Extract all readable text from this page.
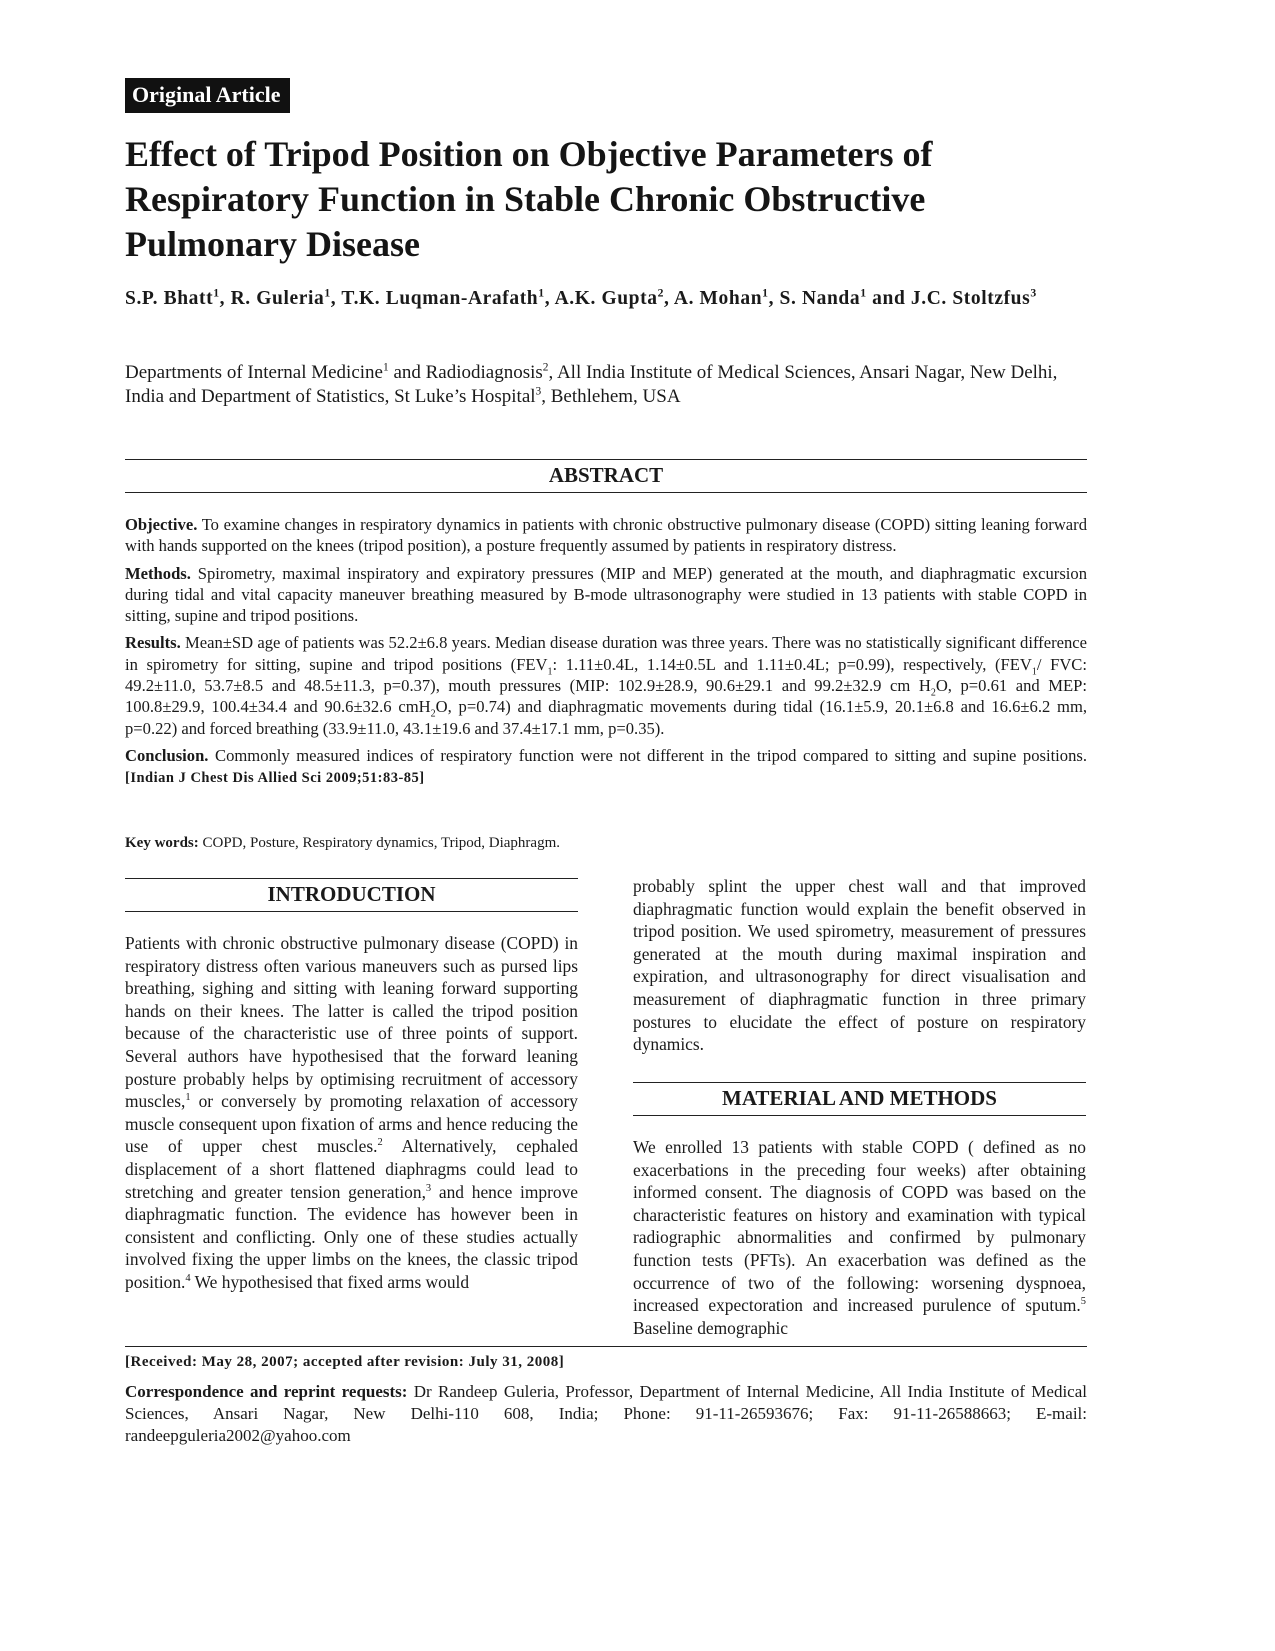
Original Article
Effect of Tripod Position on Objective Parameters of Respiratory Function in Stable Chronic Obstructive Pulmonary Disease
S.P. Bhatt$^1$, R. Guleria$^1$, T.K. Luqman-Arafath$^1$, A.K. Gupta$^2$, A. Mohan$^1$, S. Nanda$^1$ and J.C. Stoltzfus$^3$
Departments of Internal Medicine$^1$ and Radiodiagnosis$^2$, All India Institute of Medical Sciences, Ansari Nagar, New Delhi, India and Department of Statistics, St Luke’s Hospital$^3$, Bethlehem, USA
ABSTRACT

Objective. To examine changes in respiratory dynamics in patients with chronic obstructive pulmonary disease (COPD) sitting leaning forward with hands supported on the knees (tripod position), a posture frequently assumed by patients in respiratory distress.

Methods. Spirometry, maximal inspiratory and expiratory pressures (MIP and MEP) generated at the mouth, and diaphragmatic excursion during tidal and vital capacity maneuver breathing measured by B-mode ultrasonography were studied in 13 patients with stable COPD in sitting, supine and tripod positions.

Results. Mean±SD age of patients was 52.2±6.8 years. Median disease duration was three years. There was no statistically significant difference in spirometry for sitting, supine and tripod positions ($FEV_1$: 1.11±0.4L, 1.14±0.5L and 1.11±0.4L; p=0.99), respectively, ($FEV_1/$ FVC: 49.2±11.0, 53.7±8.5 and 48.5±11.3, p=0.37), mouth pressures (MIP: 102.9±28.9, 90.6±29.1 and 99.2±32.9 cm $H_2O$, p=0.61 and MEP: 100.8±29.9, 100.4±34.4 and 90.6±32.6 cmH$_2$O, p=0.74) and diaphragmatic movements during tidal (16.1±5.9, 20.1±6.8 and 16.6±6.2 mm, p=0.22) and forced breathing (33.9±11.0, 43.1±19.6 and 37.4±17.1 mm, p=0.35).

Conclusion. Commonly measured indices of respiratory function were not different in the tripod compared to sitting and supine positions. [Indian J Chest Dis Allied Sci 2009;51:83-85]

Key words: COPD, Posture, Respiratory dynamics, Tripod, Diaphragm.
INTRODUCTION

Patients with chronic obstructive pulmonary disease (COPD) in respiratory distress often various maneuvers such as pursed lips breathing, sighing and sitting with leaning forward supporting hands on their knees. The latter is called the tripod position because of the characteristic use of three points of support. Several authors have hypothesised that the forward leaning posture probably helps by optimising recruitment of accessory muscles,$^1$ or conversely by promoting relaxation of accessory muscle consequent upon fixation of arms and hence reducing the use of upper chest muscles.$^2$ Alternatively, cephaled displacement of a short flattened diaphragms could lead to stretching and greater tension generation,$^3$ and hence improve diaphragmatic function. The evidence has however been in consistent and conflicting. Only one of these studies actually involved fixing the upper limbs on the knees, the classic tripod position.$^4$ We hypothesised that fixed arms would

probably splint the upper chest wall and that improved diaphragmatic function would explain the benefit observed in tripod position. We used spirometry, measurement of pressures generated at the mouth during maximal inspiration and expiration, and ultrasonography for direct visualisation and measurement of diaphragmatic function in three primary postures to elucidate the effect of posture on respiratory dynamics.

MATERIAL AND METHODS

We enrolled 13 patients with stable COPD ( defined as no exacerbations in the preceding four weeks) after obtaining informed consent. The diagnosis of COPD was based on the characteristic features on history and examination with typical radiographic abnormalities and confirmed by pulmonary function tests (PFTs). An exacerbation was defined as the occurrence of two of the following: worsening dyspnoea, increased expectoration and increased purulence of sputum.$^5$ Baseline demographic

[Received: May 28, 2007; accepted after revision: July 31, 2008]
Correspondence and reprint requests: Dr Randeep Guleria, Professor, Department of Internal Medicine, All India Institute of Medical Sciences, Ansari Nagar, New Delhi-110 608, India; Phone: 91-11-26593676; Fax: 91-11-26588663; E-mail: randeepguleria2002@yahoo.com
